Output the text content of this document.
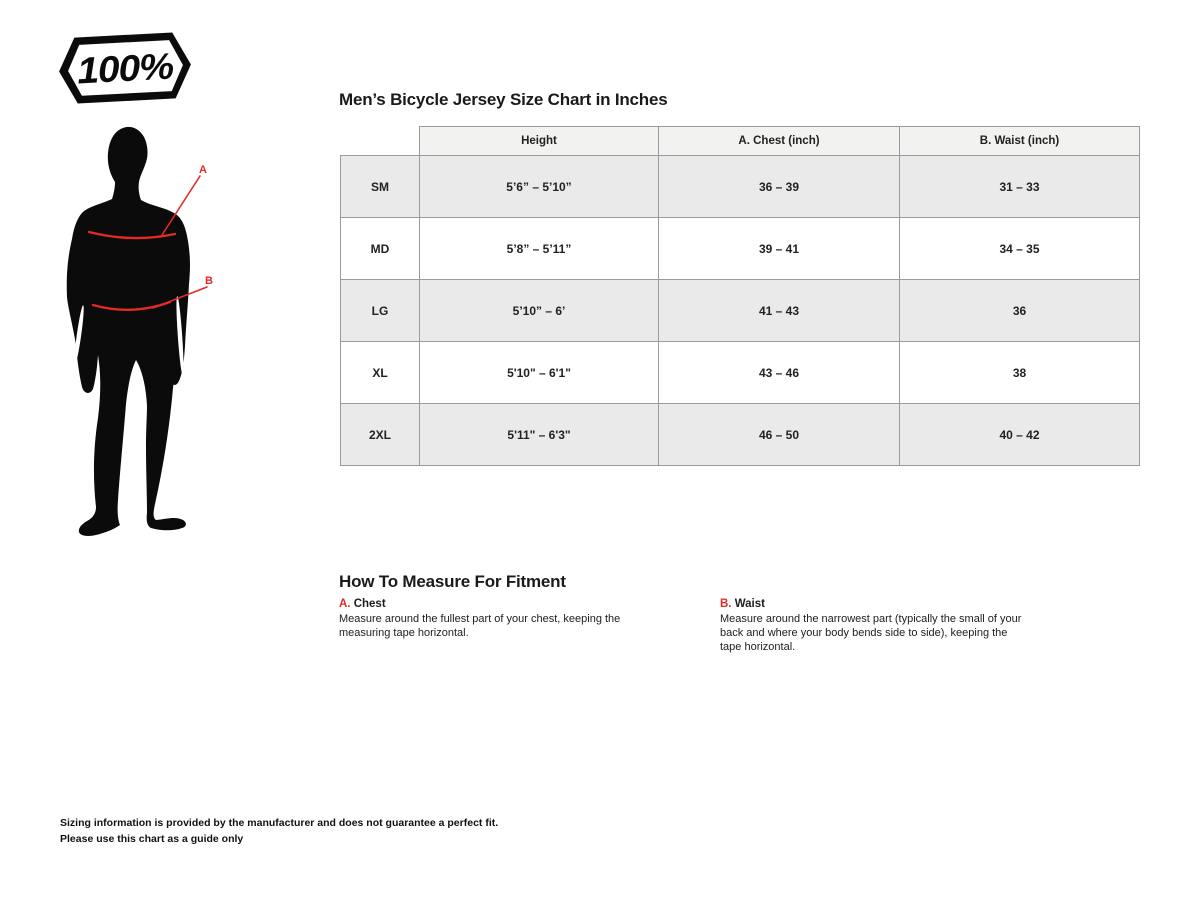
100%
A
B
Men’s Bicycle Jersey Size Chart in Inches
	Height	A. Chest (inch)	B. Waist (inch)
SM	5’6” – 5’10”	36 – 39	31 – 33
MD	5’8” – 5’11”	39 – 41	34 – 35
LG	5’10” – 6’	41 – 43	36
XL	5'10" – 6'1"	43 – 46	38
2XL	5'11" – 6'3"	46 – 50	40 – 42
How To Measure For Fitment
A. Chest
Measure around the fullest part of your chest, keeping the measuring tape horizontal.
B. Waist
Measure around the narrowest part (typically the small of your back and where your body bends side to side), keeping the tape horizontal.
Sizing information is provided by the manufacturer and does not guarantee a perfect fit.
Please use this chart as a guide only
